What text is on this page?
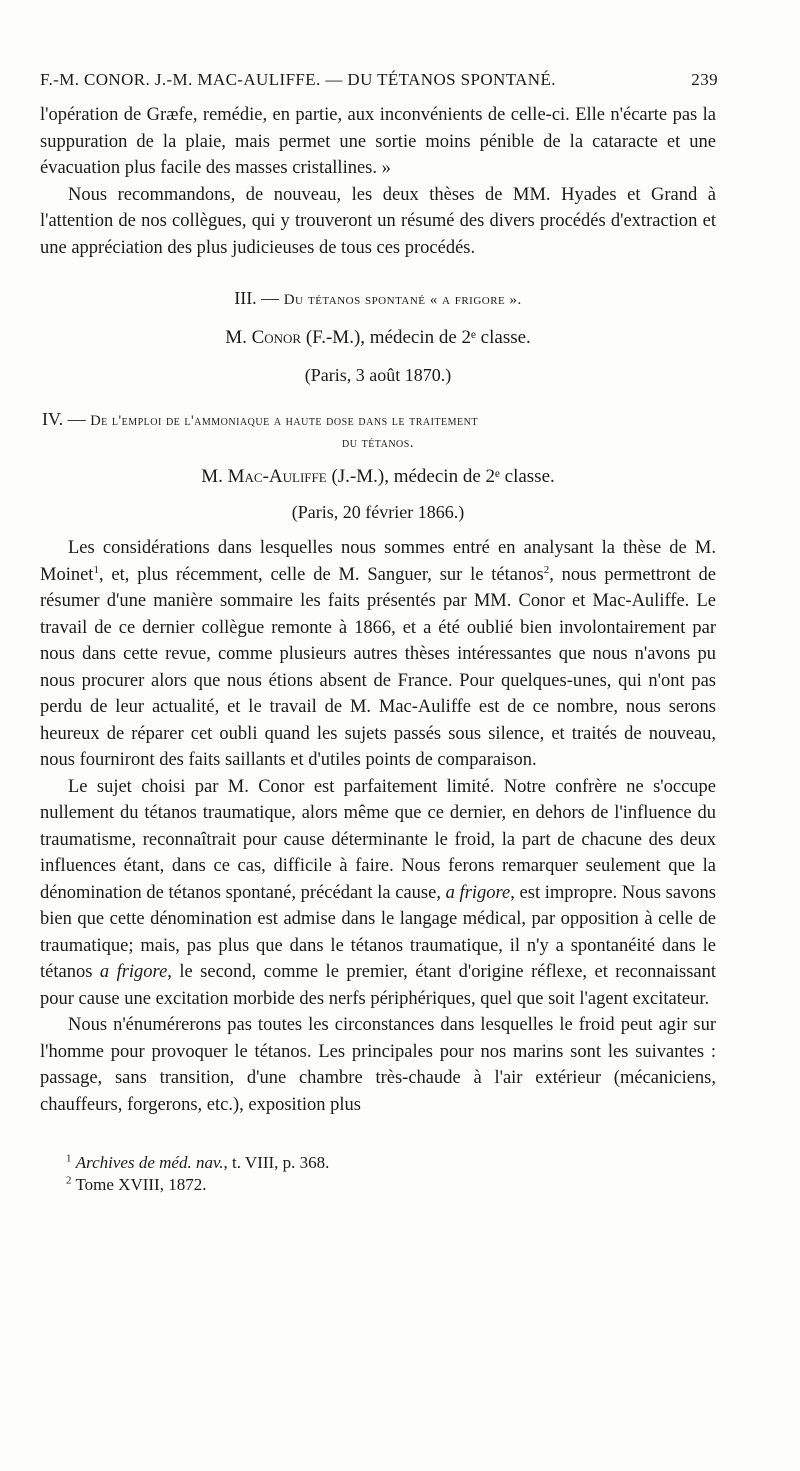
F.-M. CONOR. J.-M. MAC-AULIFFE. — DU TÉTANOS SPONTANÉ.	239

l'opération de Græfe, remédie, en partie, aux inconvénients de celle-ci. Elle n'écarte pas la suppuration de la plaie, mais permet une sortie moins pénible de la cataracte et une évacuation plus facile des masses cristallines. »

Nous recommandons, de nouveau, les deux thèses de MM. Hyades et Grand à l'attention de nos collègues, qui y trouveront un résumé des divers procédés d'extraction et une appréciation des plus judicieuses de tous ces procédés.

III. — Du tétanos spontané « a frigore ».
M. Conor (F.-M.), médecin de 2ᵉ classe.
(Paris, 3 août 1870.)
IV. — De l'emploi de l'ammoniaque a haute dose dans le traitement
du tétanos.
M. Mac-Auliffe (J.-M.), médecin de 2ᵉ classe.
(Paris, 20 février 1866.)

Les considérations dans lesquelles nous sommes entré en analysant la thèse de M. Moinet$^1$, et, plus récemment, celle de M. Sanguer, sur le tétanos$^2$, nous permettront de résumer d'une manière sommaire les faits présentés par MM. Conor et Mac-Auliffe. Le travail de ce dernier collègue remonte à 1866, et a été oublié bien involontairement par nous dans cette revue, comme plusieurs autres thèses intéressantes que nous n'avons pu nous procurer alors que nous étions absent de France. Pour quelques-unes, qui n'ont pas perdu de leur actualité, et le travail de M. Mac-Auliffe est de ce nombre, nous serons heureux de réparer cet oubli quand les sujets passés sous silence, et traités de nouveau, nous fourniront des faits saillants et d'utiles points de comparaison.

Le sujet choisi par M. Conor est parfaitement limité. Notre confrère ne s'occupe nullement du tétanos traumatique, alors même que ce dernier, en dehors de l'influence du traumatisme, reconnaîtrait pour cause déterminante le froid, la part de chacune des deux influences étant, dans ce cas, difficile à faire. Nous ferons remarquer seulement que la dénomination de tétanos spontané, précédant la cause, a frigore, est impropre. Nous savons bien que cette dénomination est admise dans le langage médical, par opposition à celle de traumatique; mais, pas plus que dans le tétanos traumatique, il n'y a spontanéité dans le tétanos a frigore, le second, comme le premier, étant d'origine réflexe, et reconnaissant pour cause une excitation morbide des nerfs périphériques, quel que soit l'agent excitateur.

Nous n'énumérerons pas toutes les circonstances dans lesquelles le froid peut agir sur l'homme pour provoquer le tétanos. Les principales pour nos marins sont les suivantes : passage, sans transition, d'une chambre très-chaude à l'air extérieur (mécaniciens, chauffeurs, forgerons, etc.), exposition plus

$^1$ Archives de méd. nav., t. VIII, p. 368.
$^2$ Tome XVIII, 1872.
